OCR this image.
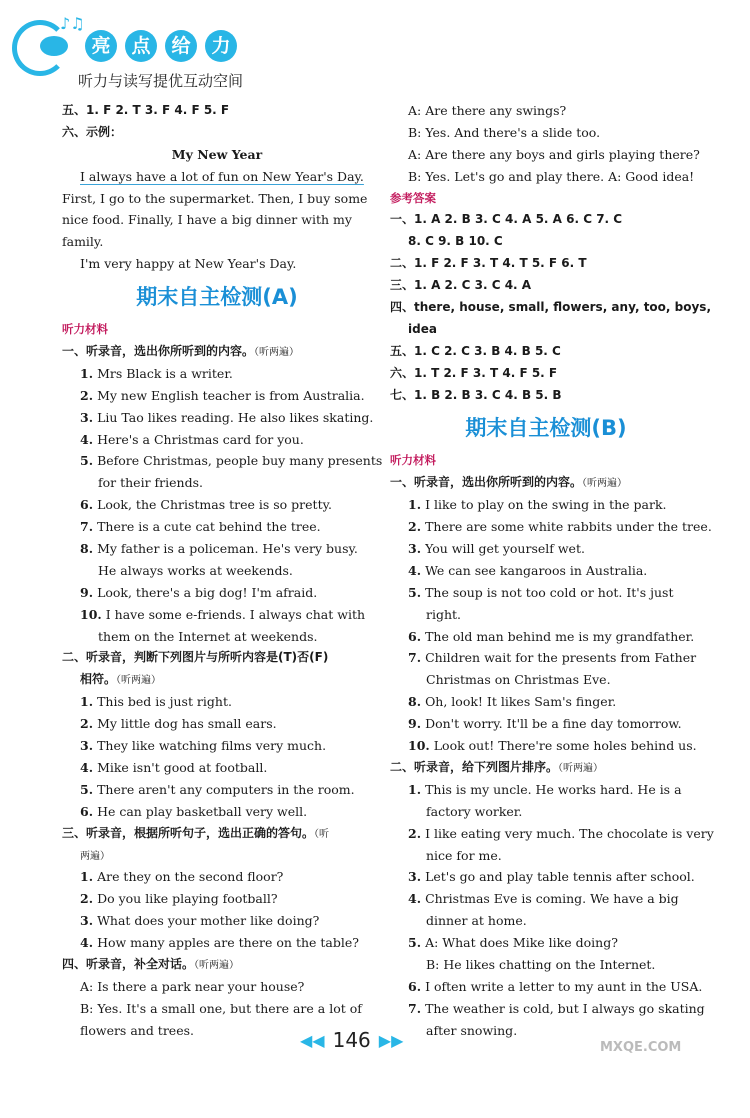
♪♫
亮	点	给	力
听力与读写提优互动空间
五、1. F 2. T 3. F 4. F 5. F
六、示例：
My New Year
I always have a lot of fun on New Year's Day.
First, I go to the supermarket. Then, I buy some
nice food. Finally, I have a big dinner with my
family.
I'm very happy at New Year's Day.
期末自主检测(A)
听力材料
一、听录音，选出你所听到的内容。（听两遍）
1. Mrs Black is a writer.
2. My new English teacher is from Australia.
3. Liu Tao likes reading. He also likes skating.
4. Here's a Christmas card for you.
5. Before Christmas, people buy many presents
for their friends.
6. Look, the Christmas tree is so pretty.
7. There is a cute cat behind the tree.
8. My father is a policeman. He's very busy.
He always works at weekends.
9. Look, there's a big dog! I'm afraid.
10. I have some e-friends. I always chat with
them on the Internet at weekends.
二、听录音，判断下列图片与所听内容是(T)否(F)
相符。（听两遍）
1. This bed is just right.
2. My little dog has small ears.
3. They like watching films very much.
4. Mike isn't good at football.
5. There aren't any computers in the room.
6. He can play basketball very well.
三、听录音，根据所听句子，选出正确的答句。（听
两遍）
1. Are they on the second floor?
2. Do you like playing football?
3. What does your mother like doing?
4. How many apples are there on the table?
四、听录音，补全对话。（听两遍）
A: Is there a park near your house?
B: Yes. It's a small one, but there are a lot of
flowers and trees.
A: Are there any swings?
B: Yes. And there's a slide too.
A: Are there any boys and girls playing there?
B: Yes. Let's go and play there. A: Good idea!
参考答案
一、1. A 2. B 3. C 4. A 5. A 6. C 7. C
8. C 9. B 10. C
二、1. F 2. F 3. T 4. T 5. F 6. T
三、1. A 2. C 3. C 4. A
四、there, house, small, flowers, any, too, boys,
idea
五、1. C 2. C 3. B 4. B 5. C
六、1. T 2. F 3. T 4. F 5. F
七、1. B 2. B 3. C 4. B 5. B
期末自主检测(B)
听力材料
一、听录音，选出你所听到的内容。（听两遍）
1. I like to play on the swing in the park.
2. There are some white rabbits under the tree.
3. You will get yourself wet.
4. We can see kangaroos in Australia.
5. The soup is not too cold or hot. It's just
right.
6. The old man behind me is my grandfather.
7. Children wait for the presents from Father
Christmas on Christmas Eve.
8. Oh, look! It likes Sam's finger.
9. Don't worry. It'll be a fine day tomorrow.
10. Look out! There're some holes behind us.
二、听录音，给下列图片排序。（听两遍）
1. This is my uncle. He works hard. He is a
factory worker.
2. I like eating very much. The chocolate is very
nice for me.
3. Let's go and play table tennis after school.
4. Christmas Eve is coming. We have a big
dinner at home.
5. A: What does Mike like doing?
B: He likes chatting on the Internet.
6. I often write a letter to my aunt in the USA.
7. The weather is cold, but I always go skating
after snowing.
◀◀ 146 ▶▶	MXQE.COM
